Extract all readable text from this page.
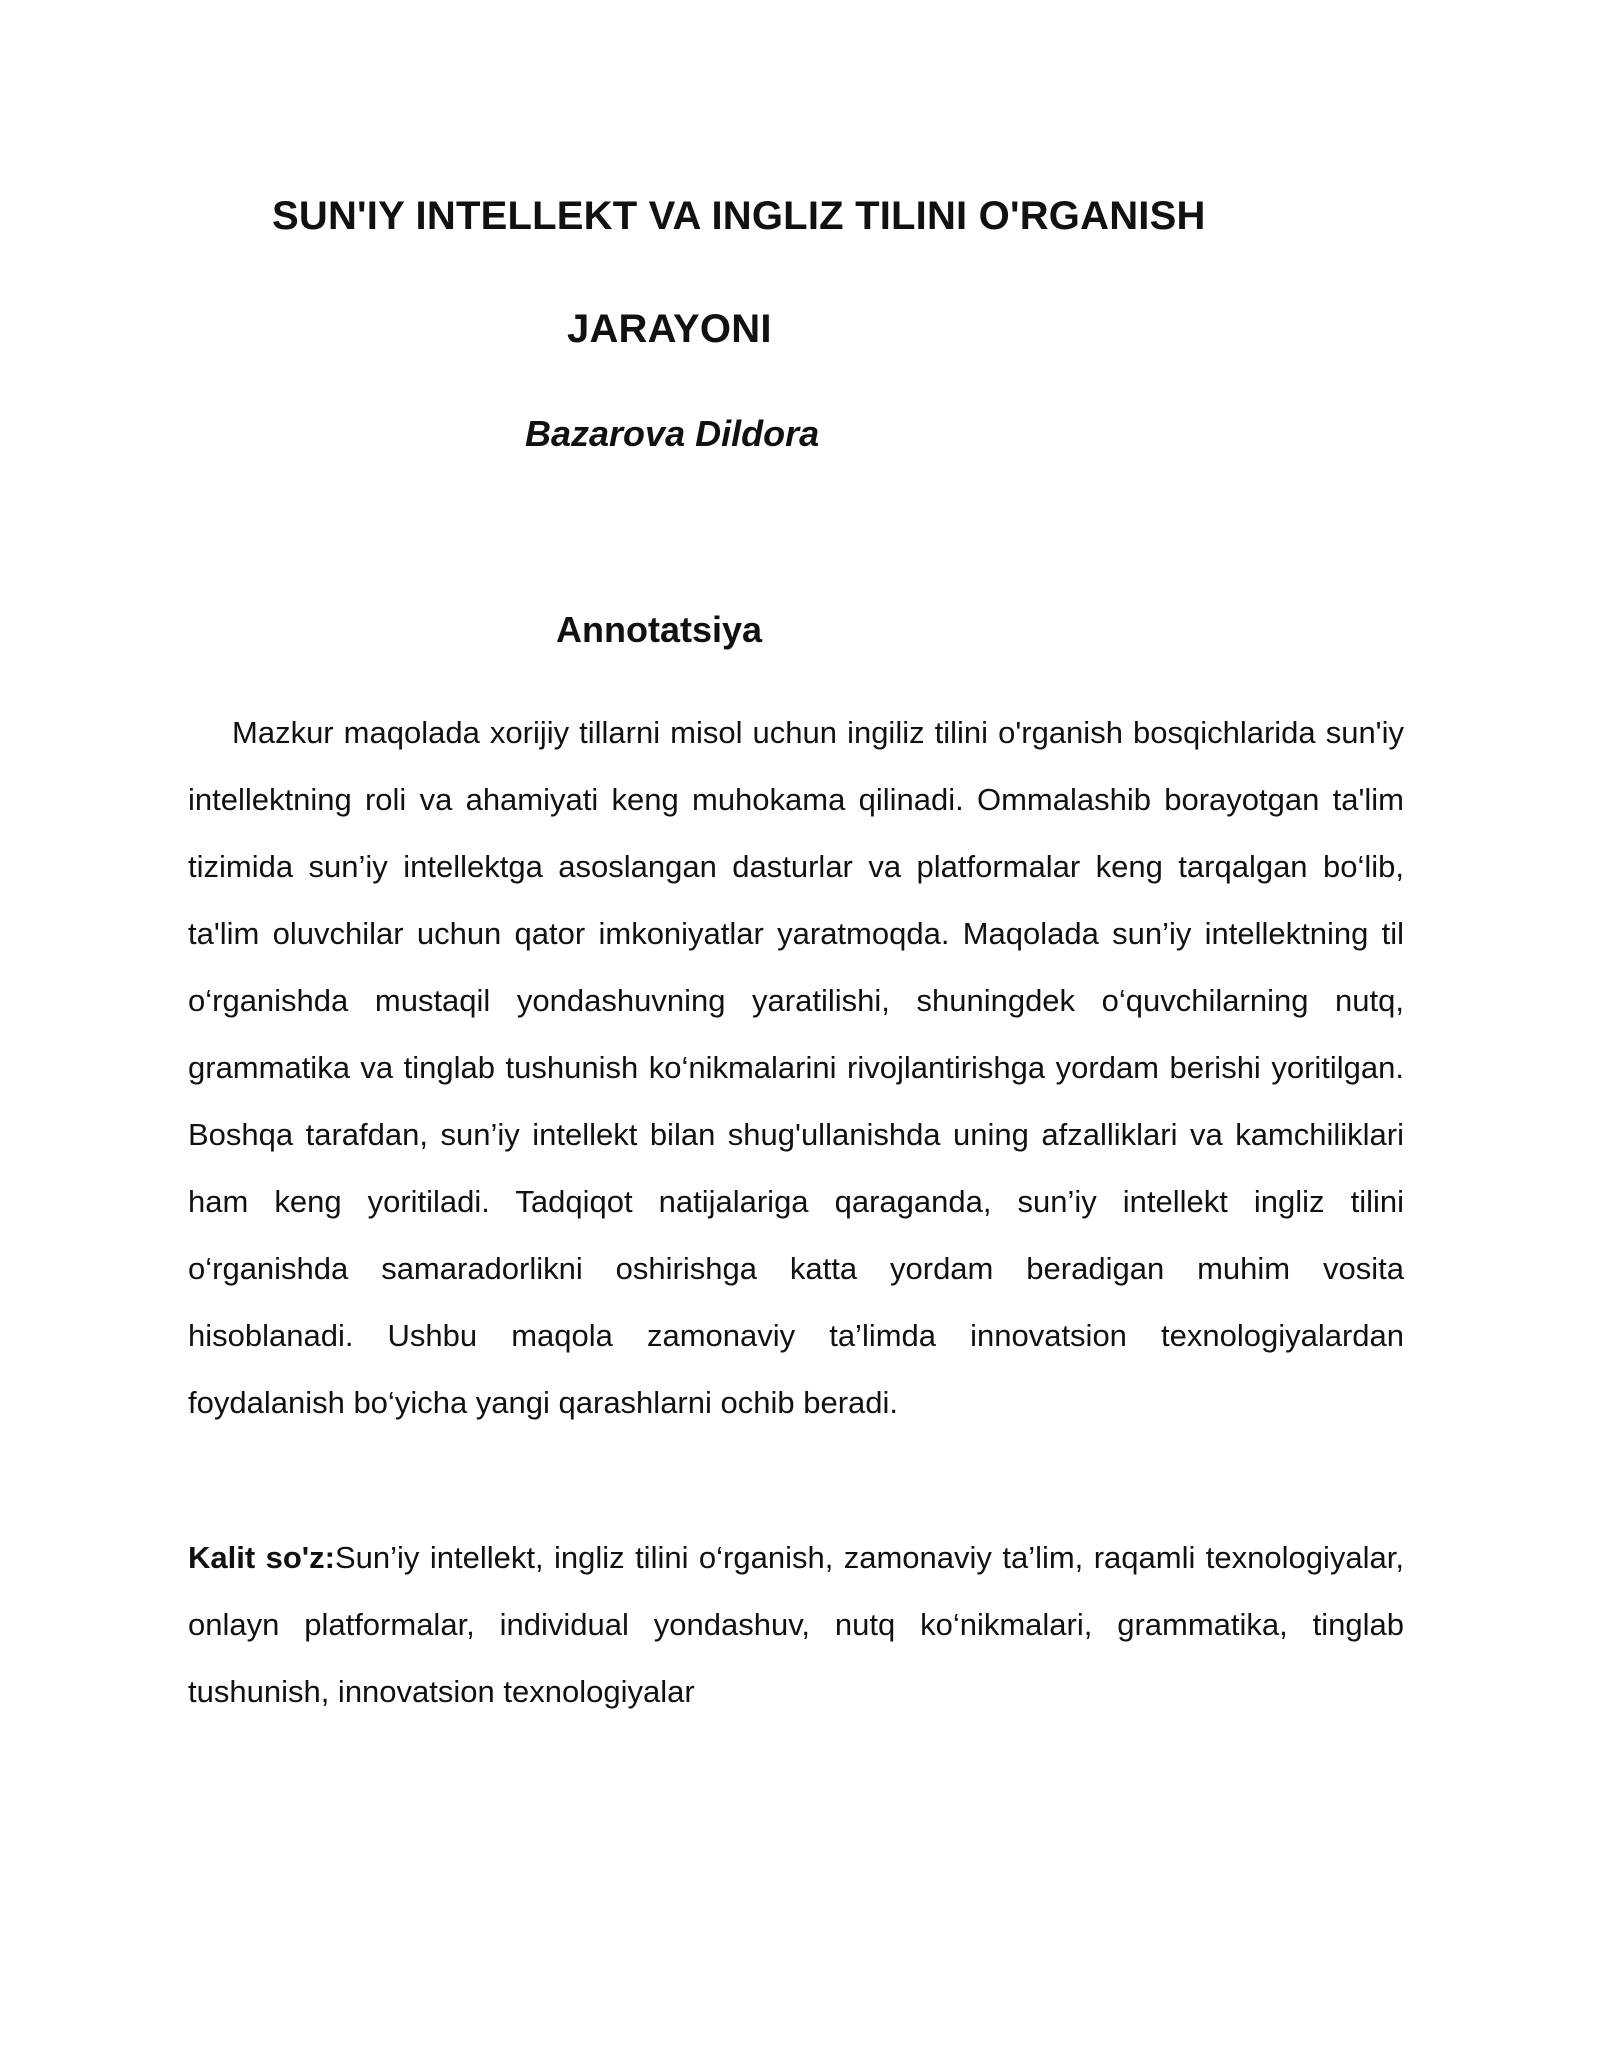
SUN'IY INTELLEKT VA INGLIZ TILINI O'RGANISH
JARAYONI

Bazarova Dildora

Annotatsiya

Mazkur maqolada xorijiy tillarni misol uchun ingiliz tilini o'rganish bosqichlarida sun'iy intellektning roli va ahamiyati keng muhokama qilinadi. Ommalashib borayotgan ta'lim tizimida sun’iy intellektga asoslangan dasturlar va platformalar keng tarqalgan bo‘lib, ta'lim oluvchilar uchun qator imkoniyatlar yaratmoqda. Maqolada sun’iy intellektning til o‘rganishda mustaqil yondashuvning yaratilishi, shuningdek o‘quvchilarning nutq, grammatika va tinglab tushunish ko‘nikmalarini rivojlantirishga yordam berishi yoritilgan. Boshqa tarafdan, sun’iy intellekt bilan shug'ullanishda uning afzalliklari va kamchiliklari ham keng yoritiladi. Tadqiqot natijalariga qaraganda, sun’iy intellekt ingliz tilini o‘rganishda samaradorlikni oshirishga katta yordam beradigan muhim vosita hisoblanadi. Ushbu maqola zamonaviy ta’limda innovatsion texnologiyalardan foydalanish bo‘yicha yangi qarashlarni ochib beradi.

Kalit so'z:Sun’iy intellekt, ingliz tilini o‘rganish, zamonaviy ta’lim, raqamli texnologiyalar, onlayn platformalar, individual yondashuv, nutq ko‘nikmalari, grammatika, tinglab tushunish, innovatsion texnologiyalar
